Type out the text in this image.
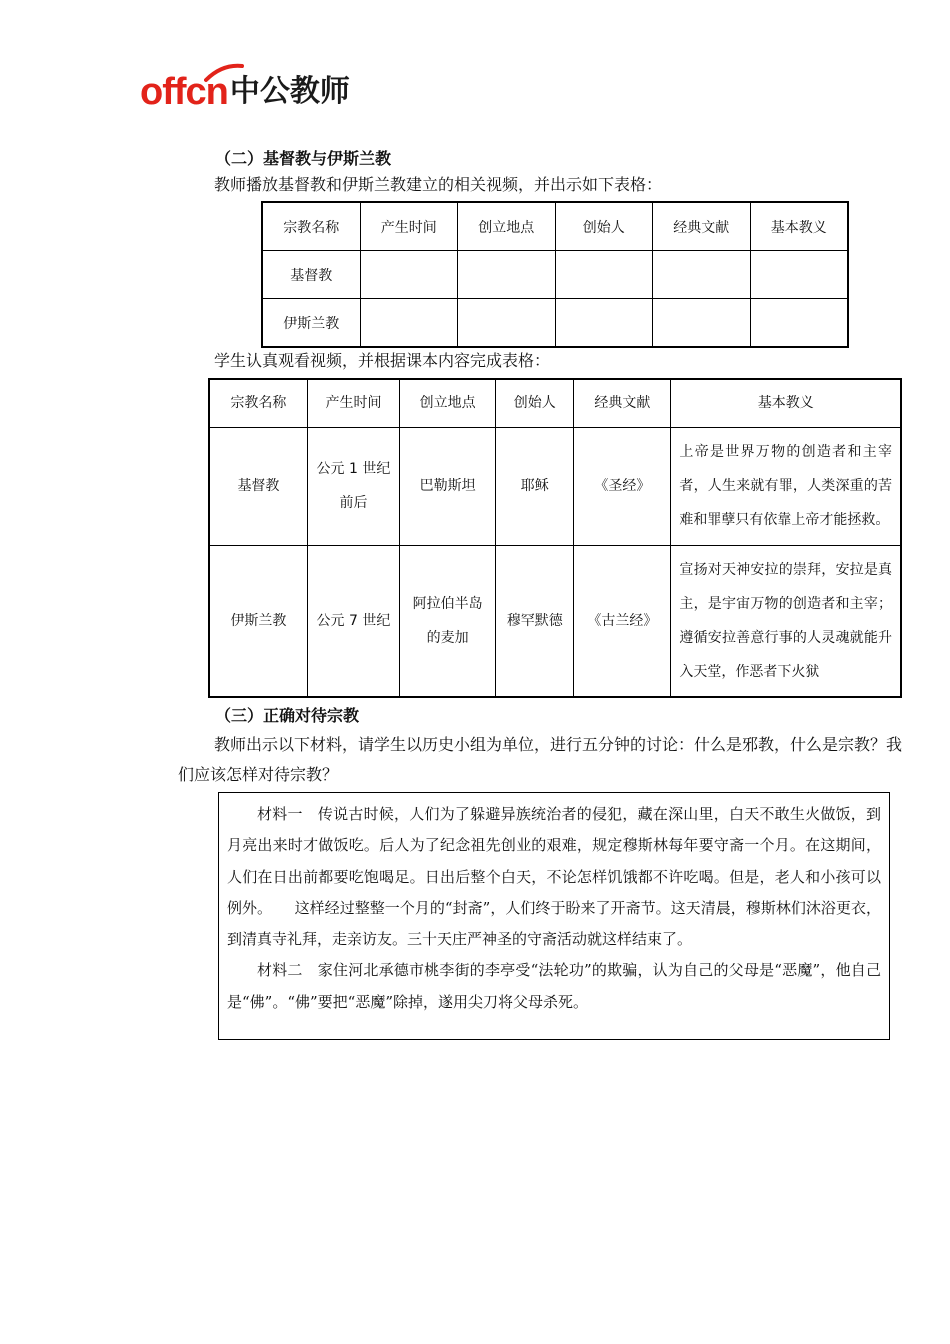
offcn 中公教师
（二）基督教与伊斯兰教
教师播放基督教和伊斯兰教建立的相关视频，并出示如下表格：
宗教名称	产生时间	创立地点	创始人	经典文献	基本教义
基督教					
伊斯兰教					
学生认真观看视频，并根据课本内容完成表格：
宗教名称	产生时间	创立地点	创始人	经典文献	基本教义
基督教	公元 1 世纪前后	巴勒斯坦	耶稣	《圣经》	上帝是世界万物的创造者和主宰者，人生来就有罪，人类深重的苦难和罪孽只有依靠上帝才能拯救。
伊斯兰教	公元 7 世纪	阿拉伯半岛的麦加	穆罕默德	《古兰经》	宣扬对天神安拉的崇拜，安拉是真主，是宇宙万物的创造者和主宰；遵循安拉善意行事的人灵魂就能升入天堂，作恶者下火狱
（三）正确对待宗教
教师出示以下材料，请学生以历史小组为单位，进行五分钟的讨论：什么是邪教，什么是宗教？我
们应该怎样对待宗教？

材料一　传说古时候，人们为了躲避异族统治者的侵犯，藏在深山里，白天不敢生火做饭，到月亮出来时才做饭吃。后人为了纪念祖先创业的艰难，规定穆斯林每年要守斋一个月。在这期间，人们在日出前都要吃饱喝足。日出后整个白天，不论怎样饥饿都不许吃喝。但是，老人和小孩可以例外。　　这样经过整整一个月的“封斋”，人们终于盼来了开斋节。这天清晨，穆斯林们沐浴更衣，到清真寺礼拜，走亲访友。三十天庄严神圣的守斋活动就这样结束了。

材料二　家住河北承德市桃李街的李亭受“法轮功”的欺骗，认为自己的父母是“恶魔”，他自己是“佛”。“佛”要把“恶魔”除掉，遂用尖刀将父母杀死。
